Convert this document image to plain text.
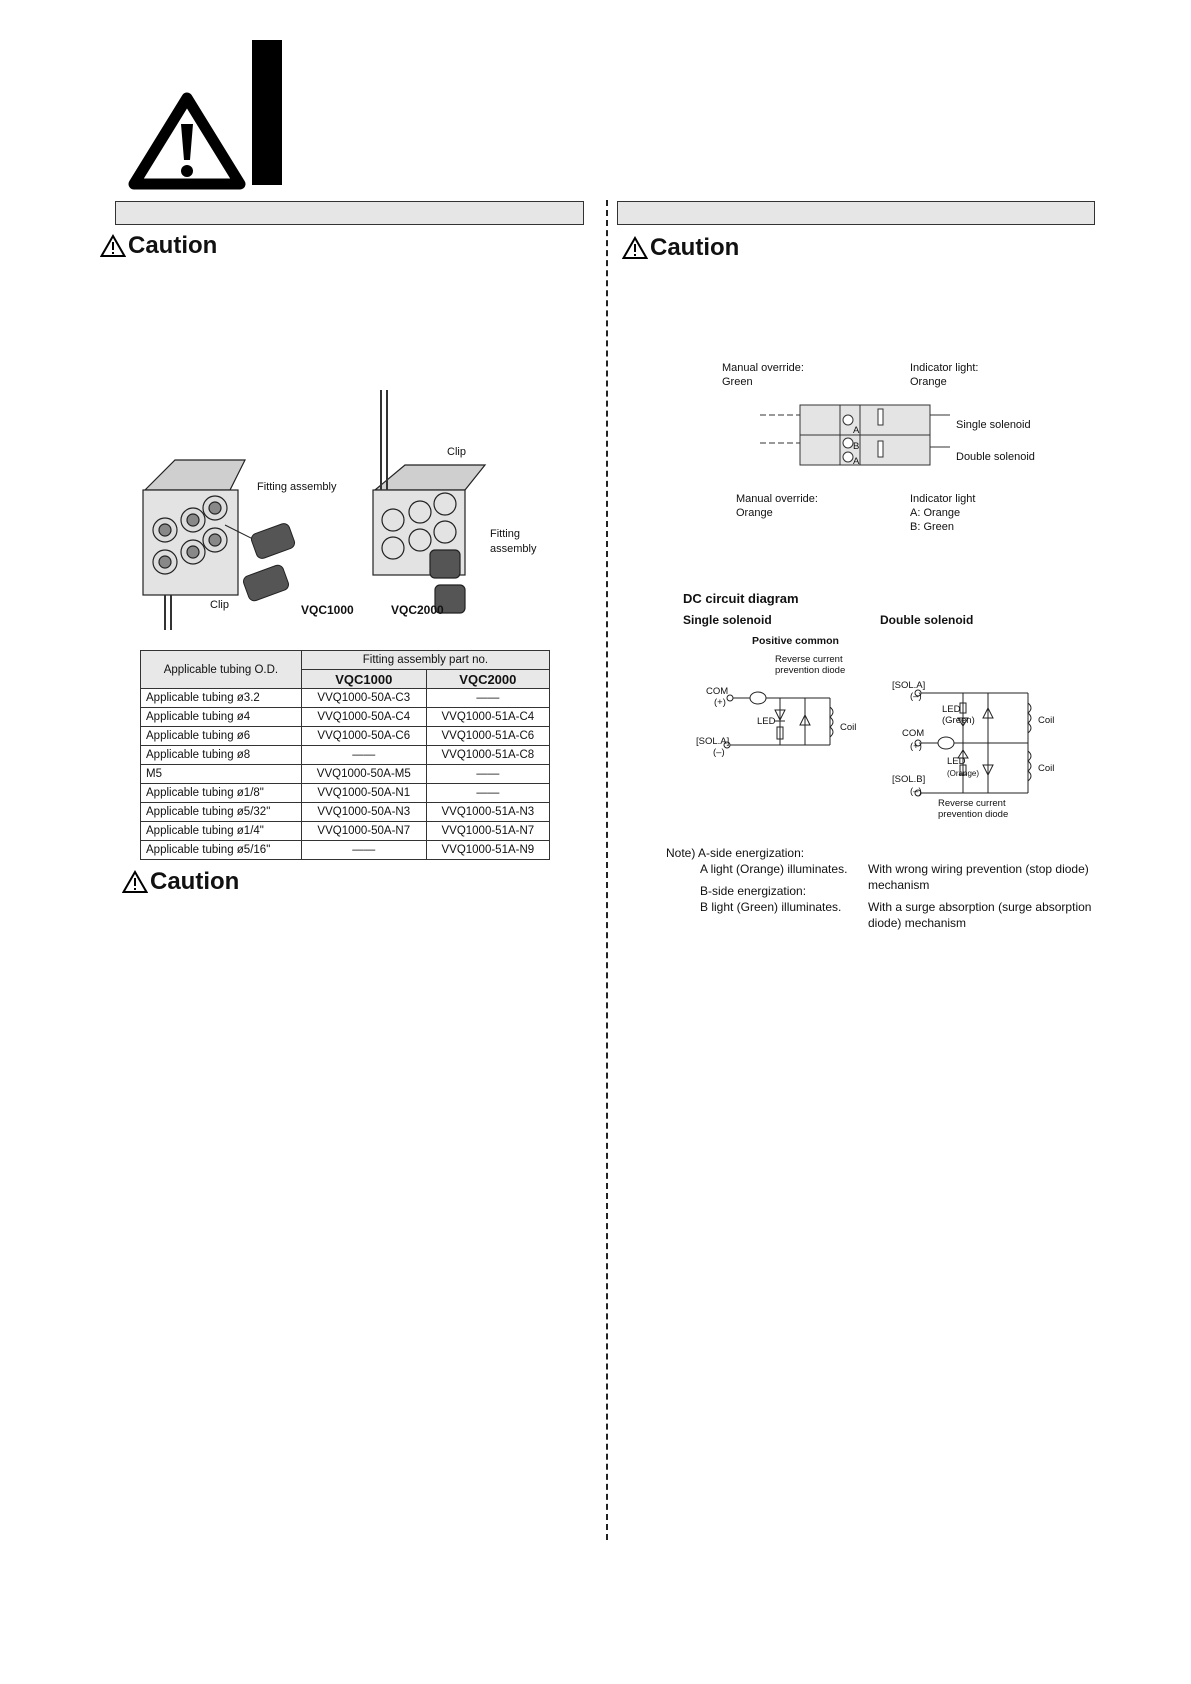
Caution
Clip
Fitting assembly
Fitting
assembly
Clip	VQC1000	VQC2000
Applicable tubing O.D.	Fitting assembly part no.	
	VQC1000	VQC2000
Applicable tubing ø3.2	VVQ1000-50A-C3	——
Applicable tubing ø4	VVQ1000-50A-C4	VVQ1000-51A-C4
Applicable tubing ø6	VVQ1000-50A-C6	VVQ1000-51A-C6
Applicable tubing ø8	——	VVQ1000-51A-C8
M5	VVQ1000-50A-M5	——
Applicable tubing ø1/8"	VVQ1000-50A-N1	——
Applicable tubing ø5/32"	VVQ1000-50A-N3	VVQ1000-51A-N3
Applicable tubing ø1/4"	VVQ1000-50A-N7	VVQ1000-51A-N7
Applicable tubing ø5/16"	——	VVQ1000-51A-N9
Caution
Caution
Manual override:
Green
Indicator light:
Orange
Single solenoid
Double solenoid
A
B
A
Manual override:
Orange
Indicator light
A: Orange
B: Green
DC circuit diagram
Single solenoid	Double solenoid
Positive common
Reverse current
prevention diode
COM
(+)
LED
Coil
[SOL.A]
(–)
[SOL.A]
(–)
LED
(Green)	Coil
COM
(+)
LED
(Orange)	Coil
[SOL.B]
(–)
Reverse current
prevention diode
Note) A-side energization:
A light (Orange) illuminates.
B-side energization:
B light (Green) illuminates.
With wrong wiring prevention (stop diode)
mechanism
With a surge absorption (surge absorption
diode) mechanism
